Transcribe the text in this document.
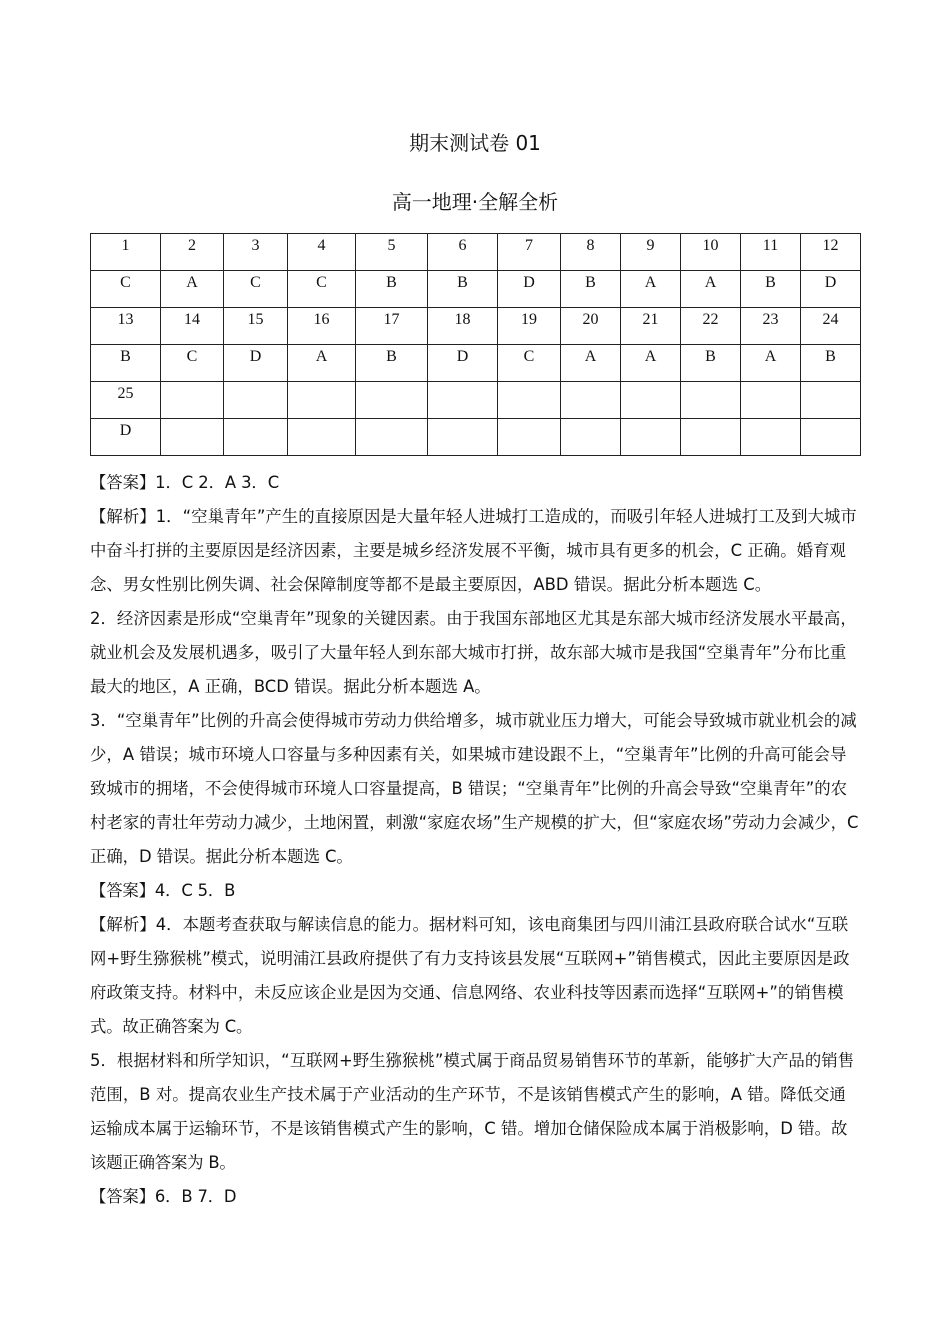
期末测试卷 01
高一地理·全解全析
1	2	3	4	5	6	7	8	9	10	11	12
C	A	C	C	B	B	D	B	A	A	B	D
13	14	15	16	17	18	19	20	21	22	23	24
B	C	D	A	B	D	C	A	A	B	A	B
25											
D											
【答案】1．C 2．A 3．C
【解析】1．“空巢青年”产生的直接原因是大量年轻人进城打工造成的，而吸引年轻人进城打工及到大城市
中奋斗打拼的主要原因是经济因素，主要是城乡经济发展不平衡，城市具有更多的机会，C 正确。婚育观
念、男女性别比例失调、社会保障制度等都不是最主要原因，ABD 错误。据此分析本题选 C。
2．经济因素是形成“空巢青年”现象的关键因素。由于我国东部地区尤其是东部大城市经济发展水平最高，
就业机会及发展机遇多，吸引了大量年轻人到东部大城市打拼，故东部大城市是我国“空巢青年”分布比重
最大的地区，A 正确，BCD 错误。据此分析本题选 A。
3．“空巢青年”比例的升高会使得城市劳动力供给增多，城市就业压力增大，可能会导致城市就业机会的减
少，A 错误；城市环境人口容量与多种因素有关，如果城市建设跟不上，“空巢青年”比例的升高可能会导
致城市的拥堵，不会使得城市环境人口容量提高，B 错误；“空巢青年”比例的升高会导致“空巢青年”的农
村老家的青壮年劳动力减少，土地闲置，刺激“家庭农场”生产规模的扩大，但“家庭农场”劳动力会减少，C
正确，D 错误。据此分析本题选 C。
【答案】4．C 5．B
【解析】4．本题考查获取与解读信息的能力。据材料可知，该电商集团与四川浦江县政府联合试水“互联
网+野生猕猴桃”模式，说明浦江县政府提供了有力支持该县发展“互联网+”销售模式，因此主要原因是政
府政策支持。材料中，未反应该企业是因为交通、信息网络、农业科技等因素而选择“互联网+”的销售模
式。故正确答案为 C。
5．根据材料和所学知识，“互联网+野生猕猴桃”模式属于商品贸易销售环节的革新，能够扩大产品的销售
范围，B 对。提高农业生产技术属于产业活动的生产环节，不是该销售模式产生的影响，A 错。降低交通
运输成本属于运输环节，不是该销售模式产生的影响，C 错。增加仓储保险成本属于消极影响，D 错。故
该题正确答案为 B。
【答案】6．B 7．D
